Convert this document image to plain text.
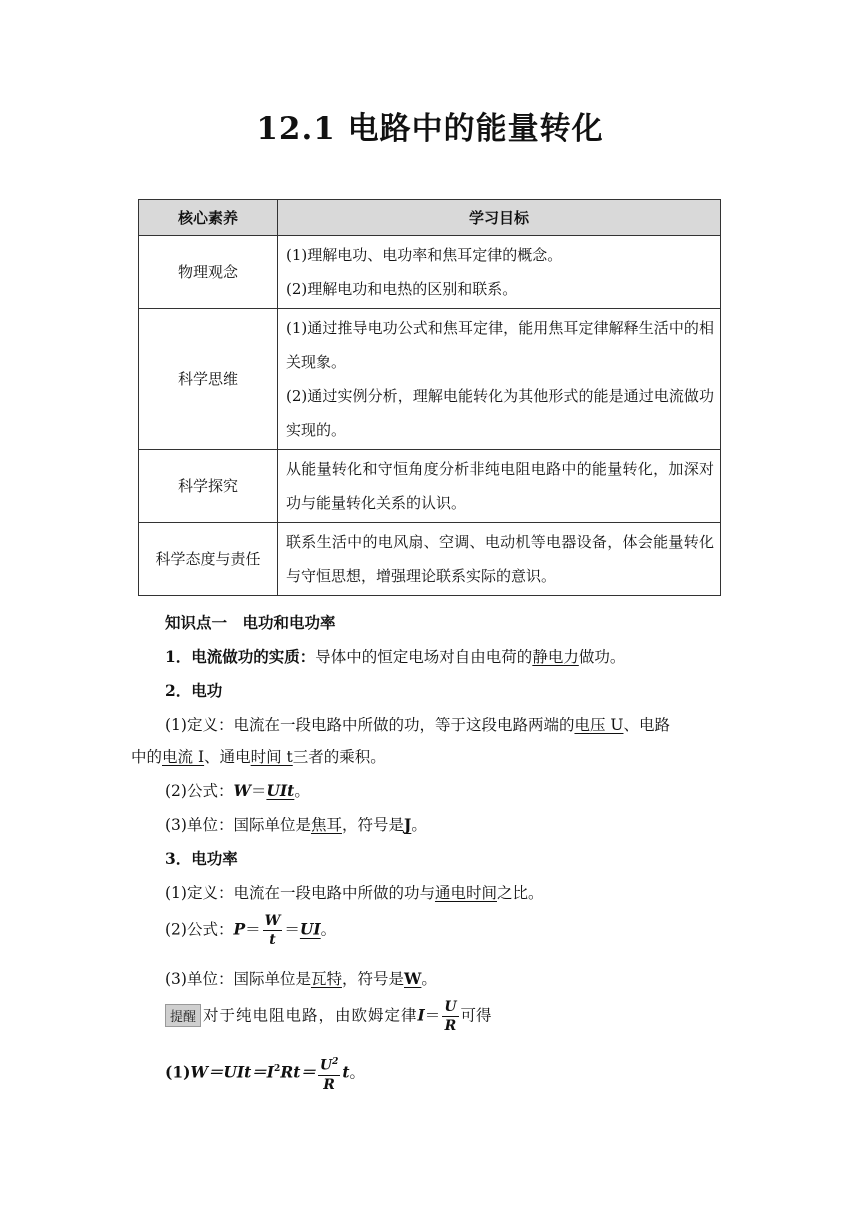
12.1 电路中的能量转化
核心素养	学习目标
物理观念	(1)理解电功、电功率和焦耳定律的概念。
(2)理解电功和电热的区别和联系。

科学思维	(1)通过推导电功公式和焦耳定律，能用焦耳定律解释生活中的相关现象。
(2)通过实例分析，理解电能转化为其他形式的能是通过电流做功实现的。

科学探究	从能量转化和守恒角度分析非纯电阻电路中的能量转化，加深对功与能量转化关系的认识。

科学态度与责任	联系生活中的电风扇、空调、电动机等电器设备，体会能量转化与守恒思想，增强理论联系实际的意识。
知识点一　电功和电功率
1．电流做功的实质：导体中的恒定电场对自由电荷的静电力做功。
2．电功
(1)定义：电流在一段电路中所做的功，等于这段电路两端的电压 U、电路
中的电流 I、通电时间 t三者的乘积。
(2)公式：W＝UIt。
(3)单位：国际单位是焦耳，符号是J。
3．电功率
(1)定义：电流在一段电路中所做的功与通电时间之比。
(2)公式：$P= \frac{W}{t} =UI$。
(3)单位：国际单位是瓦特，符号是W。
提醒 对于纯电阻电路，由欧姆定律$I= \frac{U}{R}$ 可得
$(1)W=UIt=I^2Rt= \frac{U^2}{R}$ t。
